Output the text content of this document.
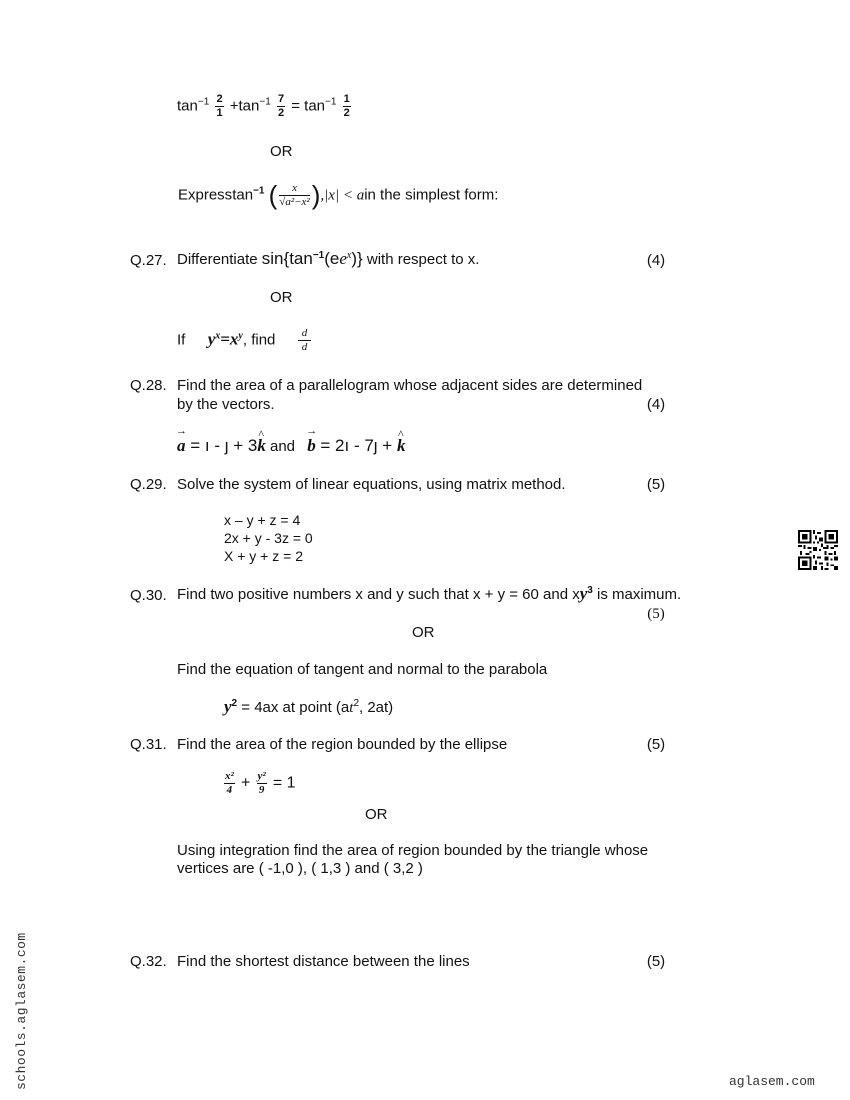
$\tan^{-1} \frac{2}{1} +\tan^{-1} \frac{7}{2} = \tan^{-1} \frac{1}{2}$
OR
Expresstan$^{-1}$ ( $\frac{x}{\text{√a²−x²}} ),|x|$ < ain the simplest form:
Q.27. Differentiate $\sin\{\tan^{-1}(ee^x)\}$ with respect to x.	(4)
OR
If $y^x=x^y$, find $\frac{d}{d}$
Q.28. Find the area of a parallelogram whose adjacent sides are determined
by the vectors.	(4)
→ a = ı - ȷ + 3^ k and → b = 2ı - 7ȷ + ^ k
Q.29. Solve the system of linear equations, using matrix method.	(5)
x – y + z = 4
2x + y - 3z = 0
X + y + z = 2
Q.30. Find two positive numbers x and y such that x + y = 60 and $xy^3$ is maximum.
(5)
OR
Find the equation of tangent and normal to the parabola
$y^2 = 4ax$ at point ($at^2$, 2at)
Q.31. Find the area of the region bounded by the ellipse	(5)
$\frac{\text{x²}}{4} + \frac{\text{y²}}{9} = 1$
OR
Using integration find the area of region bounded by the triangle whose
vertices are ( -1,0 ), ( 1,3 ) and ( 3,2 )
Q.32. Find the shortest distance between the lines	(5)
schools.aglasem.com	aglasem.com
